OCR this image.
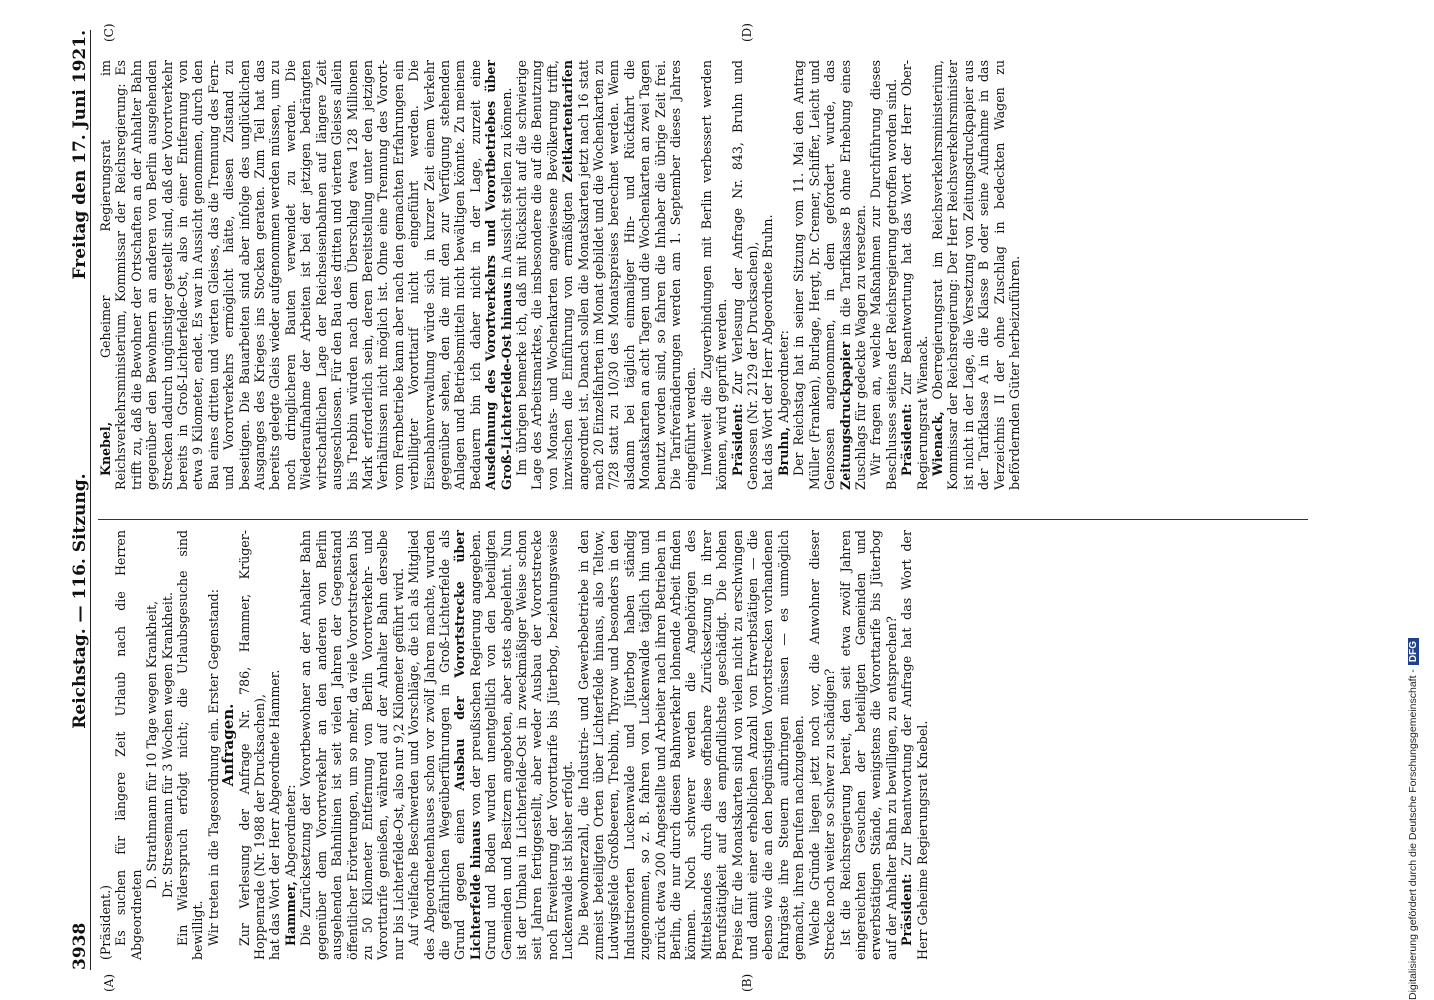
3938
Reichstag. — 116. Sitzung.
Freitag den 17. Juni 1921.
(A)	(B)
(C)	(D)

(Präsident.) Es suchen für längere Zeit Urlaub nach die Herren Abgeordneten

D. Strathmann für 10 Tage wegen Krankheit, Dr. Stresemann für 3 Wochen wegen Krankheit. Ein Widerspruch erfolgt nicht; die Urlaubsgesuche sind bewilligt. Wir treten in die Tagesordnung ein. Erster Gegenstand:

Anfragen. Zur Verlesung der Anfrage Nr. 786, Hammer, Krüger-Hoppenrade (Nr. 1988 der Drucksachen), hat das Wort der Herr Abgeordnete Hammer. Hammer, Abgeordneter: Die Zurücksetzung der Vorortbewohner an der Anhalter Bahn gegenüber dem Vorortverkehr an den anderen von Berlin ausgehenden Bahnlinien ist seit vielen Jahren der Gegenstand öffentlicher Erörterungen, um so mehr, da viele Vorortstrecken bis zu 50 Kilometer Entfernung von Berlin Vorortverkehr- und Vororttarife genießen, während auf der Anhalter Bahn derselbe nur bis Lichterfelde-Ost, also nur 9,2 Kilometer geführt wird. Auf vielfache Beschwerden und Vorschläge, die ich als Mitglied des Abgeordnetenhauses schon vor zwölf Jahren machte, wurden die gefährlichen Wegeüberführungen in Groß-Lichterfelde als Grund gegen einen Ausbau der Vorortstrecke über Lichterfelde hinaus von der preußischen Regierung angegeben. Grund und Boden wurden unentgeltlich von den beteiligten Gemeinden und Besitzern angeboten, aber stets abgelehnt. Nun ist der Umbau in Lichterfelde-Ost in zweckmäßiger Weise schon seit Jahren fertiggestellt, aber weder Ausbau der Vorortstrecke noch Erweiterung der Vororttarife bis Jüterbog, beziehungsweise Luckenwalde ist bisher erfolgt. Die Bewohnerzahl, die Industrie- und Gewerbebetriebe in den zumeist beteiligten Orten über Lichterfelde hinaus, also Teltow, Ludwigsfelde Großbeeren, Trebbin, Thyrow und besonders in den Industrieorten Luckenwalde und Jüterbog haben ständig zugenommen, so z. B. fahren von Luckenwalde täglich hin und zurück etwa 200 Angestellte und Arbeiter nach ihren Betrieben in Berlin, die nur durch diesen Bahnverkehr lohnende Arbeit finden können. Noch schwerer werden die Angehörigen des Mittelstandes durch diese offenbare Zurücksetzung in ihrer Berufstätigkeit auf das empfindlichste geschädigt. Die hohen Preise für die Monatskarten sind von vielen nicht zu erschwingen und damit einer erheblichen Anzahl von Erwerbstätigen — die ebenso wie die an den begünstigten Vorortstrecken vorhandenen Fahrgäste ihre Steuern aufbringen müssen — es unmöglich gemacht, ihren Berufen nachzugehen. Welche Gründe liegen jetzt noch vor, die Anwohner dieser Strecke noch weiter so schwer zu schädigen? Ist die Reichsregierung bereit, den seit etwa zwölf Jahren eingereichten Gesuchen der beteiligten Gemeinden und erwerbstätigen Stände, wenigstens die Vororttarife bis Jüterbog auf der Anhalter Bahn zu bewilligen, zu entsprechen? Präsident: Zur Beantwortung der Anfrage hat das Wort der Herr Geheime Regierungsrat Knebel.

Knebel, Geheimer Regierungsrat im Reichsverkehrsministerium, Kommissar der Reichsregierung: Es trifft zu, daß die Bewohner der Ortschaften an der Anhalter Bahn gegenüber den Bewohnern an anderen von Berlin ausgehenden Strecken dadurch ungünstiger gestellt sind, daß der Vorortverkehr bereits in Groß-Lichterfelde-Ost, also in einer Entfernung von etwa 9 Kilometer, endet. Es war in Aussicht genommen, durch den Bau eines dritten und vierten Gleises, das die Trennung des Fern- und Vorortverkehrs ermöglicht hätte, diesen Zustand zu beseitigen. Die Bauarbeiten sind aber infolge des unglücklichen Ausganges des Krieges ins Stocken geraten. Zum Teil hat das bereits gelegte Gleis wieder aufgenommen werden müssen, um zu noch dringlicheren Bauten verwendet zu werden. Die Wiederaufnahme der Arbeiten ist bei der jetzigen bedrängten wirtschaftlichen Lage der Reichseisenbahnen auf längere Zeit ausgeschlossen. Für den Bau des dritten und vierten Gleises allein bis Trebbin würden nach dem Überschlag etwa 128 Millionen Mark erforderlich sein, deren Bereitstellung unter den jetzigen Verhältnissen nicht möglich ist. Ohne eine Trennung des Vorort- vom Fernbetriebe kann aber nach den gemachten Erfahrungen ein verbilligter Vororttarif nicht eingeführt werden. Die Eisenbahnverwaltung würde sich in kurzer Zeit einem Verkehr gegenüber sehen, den die mit den zur Verfügung stehenden Anlagen und Betriebsmitteln nicht bewältigen könnte. Zu meinem Bedauern bin ich daher nicht in der Lage, zurzeit eine Ausdehnung des Vorortverkehrs und Vorortbetriebes über Groß-Lichterfelde-Ost hinaus in Aussicht stellen zu können. Im übrigen bemerke ich, daß mit Rücksicht auf die schwierige Lage des Arbeitsmarktes, die insbesondere die auf die Benutzung von Monats- und Wochenkarten angewiesene Bevölkerung trifft, inzwischen die Einführung von ermäßigten Zeitkartentarifen angeordnet ist. Danach sollen die Monatskarten jetzt nach 16 statt nach 20 Einzelfahrten im Monat gebildet und die Wochenkarten zu 7/28 statt zu 10/30 des Monatspreises berechnet werden. Wenn alsdann bei täglich einmaliger Hin- und Rückfahrt die Monatskarten an acht Tagen und die Wochenkarten an zwei Tagen benutzt worden sind, so fahren die Inhaber die übrige Zeit frei. Die Tarifveränderungen werden am 1. September dieses Jahres eingeführt werden. Inwieweit die Zugverbindungen mit Berlin verbessert werden können, wird geprüft werden. Präsident: Zur Verlesung der Anfrage Nr. 843, Bruhn und Genossen (Nr. 2129 der Drucksachen), hat das Wort der Herr Abgeordnete Bruhn. Bruhn, Abgeordneter: Der Reichstag hat in seiner Sitzung vom 11. Mai den Antrag Müller (Franken), Burlage, Hergt, Dr. Cremer, Schiffer, Leicht und Genossen angenommen, in dem gefordert wurde, das Zeitungsdruckpapier in die Tarifklasse B ohne Erhebung eines Zuschlags für gedeckte Wagen zu versetzen. Wir fragen an, welche Maßnahmen zur Durchführung dieses Beschlusses seitens der Reichsregierung getroffen worden sind. Präsident: Zur Beantwortung hat das Wort der Herr Ober-Regierungsrat Wienack. Wienack, Oberregierungsrat im Reichsverkehrsministerium, Kommissar der Reichsregierung: Der Herr Reichsverkehrsminister ist nicht in der Lage, die Versetzung von Zeitungsdruckpapier aus der Tarifklasse A in die Klasse B oder seine Aufnahme in das Verzeichnis II der ohne Zuschlag in bedeckten Wagen zu befördernden Güter herbeizuführen.

Digitalisierung gefördert durch die Deutsche Forschungsgemeinschaft -DFG
